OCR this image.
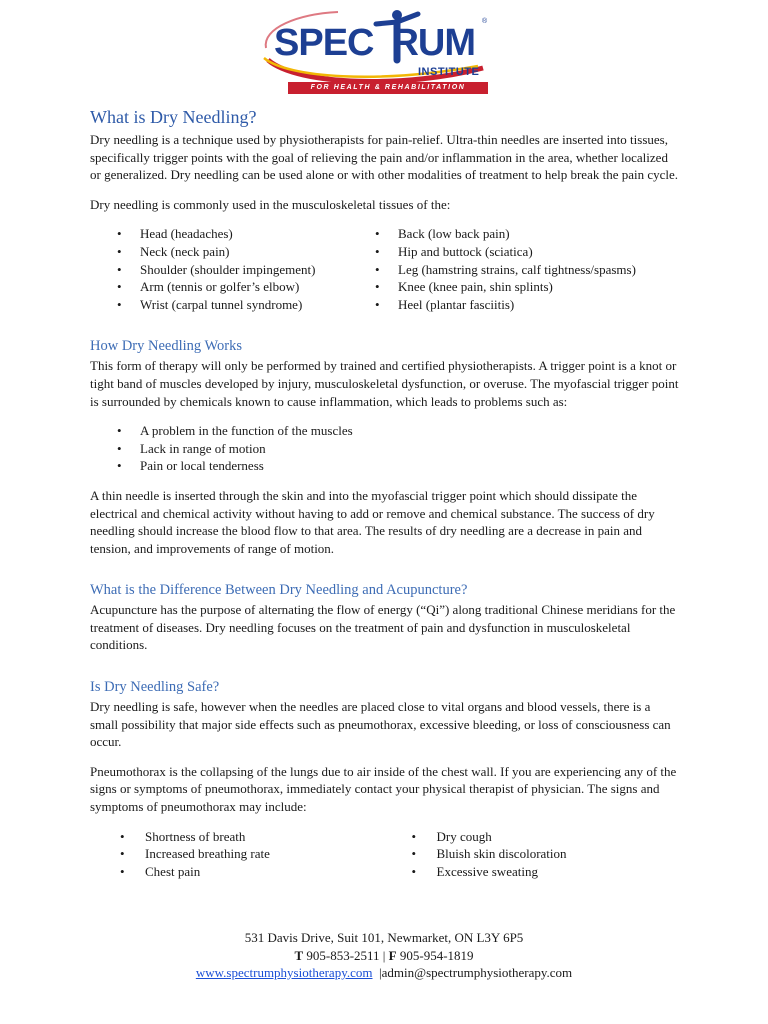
SPEC RUM
®
INSTITUTE
FOR HEALTH & REHABILITATION
What is Dry Needling?

Dry needling is a technique used by physiotherapists for pain-relief. Ultra-thin needles are inserted into tissues, specifically trigger points with the goal of relieving the pain and/or inflammation in the area, whether localized or generalized. Dry needling can be used alone or with other modalities of treatment to help break the pain cycle.

Dry needling is commonly used in the musculoskeletal tissues of the:

• Head (headaches)
• Neck (neck pain)
• Shoulder (shoulder impingement)
• Arm (tennis or golfer’s elbow)
• Wrist (carpal tunnel syndrome)
• Back (low back pain)
• Hip and buttock (sciatica)
• Leg (hamstring strains, calf tightness/spasms)
• Knee (knee pain, shin splints)
• Heel (plantar fasciitis)
How Dry Needling Works

This form of therapy will only be performed by trained and certified physiotherapists. A trigger point is a knot or tight band of muscles developed by injury, musculoskeletal dysfunction, or overuse. The myofascial trigger point is surrounded by chemicals known to cause inflammation, which leads to problems such as:

• A problem in the function of the muscles
• Lack in range of motion
• Pain or local tenderness

A thin needle is inserted through the skin and into the myofascial trigger point which should dissipate the electrical and chemical activity without having to add or remove and chemical substance. The success of dry needling should increase the blood flow to that area. The results of dry needling are a decrease in pain and tension, and improvements of range of motion.

What is the Difference Between Dry Needling and Acupuncture?

Acupuncture has the purpose of alternating the flow of energy (“Qi”) along traditional Chinese meridians for the treatment of diseases. Dry needling focuses on the treatment of pain and dysfunction in musculoskeletal conditions.

Is Dry Needling Safe?

Dry needling is safe, however when the needles are placed close to vital organs and blood vessels, there is a small possibility that major side effects such as pneumothorax, excessive bleeding, or loss of consciousness can occur.

Pneumothorax is the collapsing of the lungs due to air inside of the chest wall. If you are experiencing any of the signs or symptoms of pneumothorax, immediately contact your physical therapist of physician. The signs and symptoms of pneumothorax may include:

• Shortness of breath
• Increased breathing rate
• Chest pain
• Dry cough
• Bluish skin discoloration
• Excessive sweating
531 Davis Drive, Suit 101, Newmarket, ON L3Y 6P5
T 905-853-2511 | F 905-954-1819
www.spectrumphysiotherapy.com  |admin@spectrumphysiotherapy.com
